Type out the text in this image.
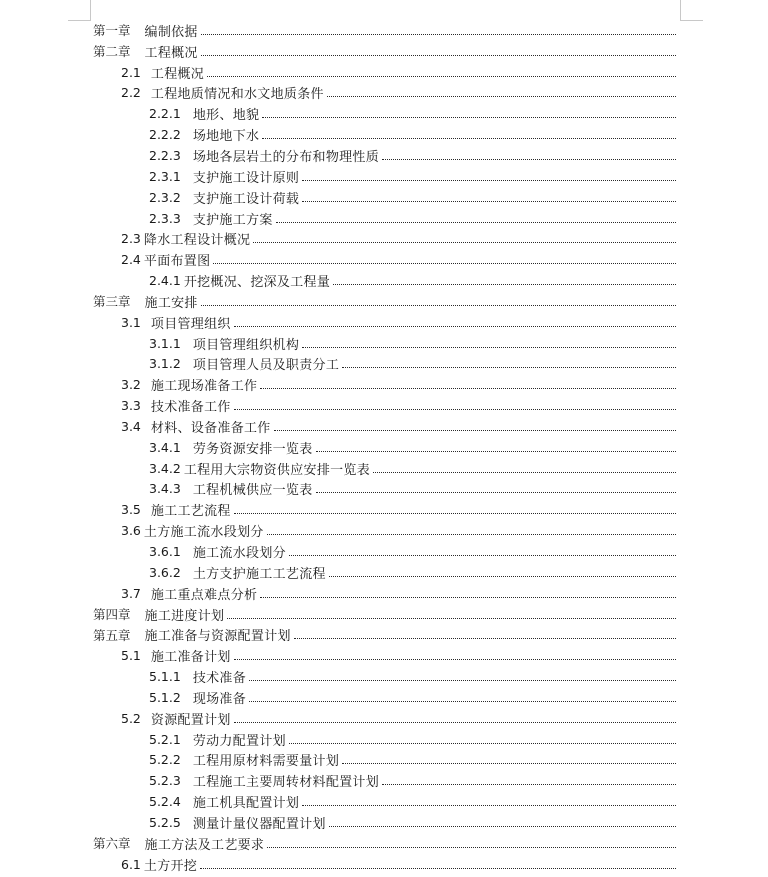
第一章 编制依据
第二章 工程概况
2.1 工程概况
2.2 工程地质情况和水文地质条件
2.2.1 地形、地貌
2.2.2 场地地下水
2.2.3 场地各层岩土的分布和物理性质
2.3.1 支护施工设计原则
2.3.2 支护施工设计荷载
2.3.3 支护施工方案
2.3 降水工程设计概况
2.4 平面布置图
2.4.1 开挖概况、挖深及工程量
第三章 施工安排
3.1 项目管理组织
3.1.1 项目管理组织机构
3.1.2 项目管理人员及职责分工
3.2 施工现场准备工作
3.3 技术准备工作
3.4 材料、设备准备工作
3.4.1 劳务资源安排一览表
3.4.2 工程用大宗物资供应安排一览表
3.4.3 工程机械供应一览表
3.5 施工工艺流程
3.6 土方施工流水段划分
3.6.1 施工流水段划分
3.6.2 土方支护施工工艺流程
3.7 施工重点难点分析
第四章 施工进度计划
第五章 施工准备与资源配置计划
5.1 施工准备计划
5.1.1 技术准备
5.1.2 现场准备
5.2 资源配置计划
5.2.1 劳动力配置计划
5.2.2 工程用原材料需要量计划
5.2.3 工程施工主要周转材料配置计划
5.2.4 施工机具配置计划
5.2.5 测量计量仪器配置计划
第六章 施工方法及工艺要求
6.1 土方开挖
